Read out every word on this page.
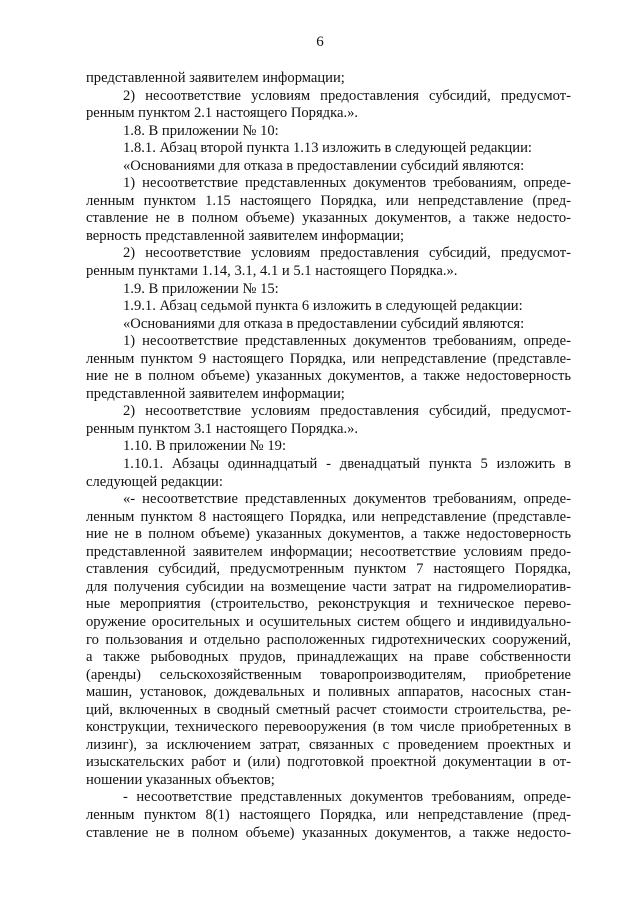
6
представленной заявителем информации;
2) несоответствие условиям предоставления субсидий, предусмот-
ренным пунктом 2.1 настоящего Порядка.».
1.8. В приложении № 10:
1.8.1. Абзац второй пункта 1.13 изложить в следующей редакции:
«Основаниями для отказа в предоставлении субсидий являются:
1) несоответствие представленных документов требованиям, опреде-
ленным пунктом 1.15 настоящего Порядка, или непредставление (пред-
ставление не в полном объеме) указанных документов, а также недосто-
верность представленной заявителем информации;
2) несоответствие условиям предоставления субсидий, предусмот-
ренным пунктами 1.14, 3.1, 4.1 и 5.1 настоящего Порядка.».
1.9. В приложении № 15:
1.9.1. Абзац седьмой пункта 6 изложить в следующей редакции:
«Основаниями для отказа в предоставлении субсидий являются:
1) несоответствие представленных документов требованиям, опреде-
ленным пунктом 9 настоящего Порядка, или непредставление (представле-
ние не в полном объеме) указанных документов, а также недостоверность
представленной заявителем информации;
2) несоответствие условиям предоставления субсидий, предусмот-
ренным пунктом 3.1 настоящего Порядка.».
1.10. В приложении № 19:
1.10.1. Абзацы одиннадцатый - двенадцатый пункта 5 изложить в
следующей редакции:
«- несоответствие представленных документов требованиям, опреде-
ленным пунктом 8 настоящего Порядка, или непредставление (представле-
ние не в полном объеме) указанных документов, а также недостоверность
представленной заявителем информации; несоответствие условиям предо-
ставления субсидий, предусмотренным пунктом 7 настоящего Порядка,
для получения субсидии на возмещение части затрат на гидромелиоратив-
ные мероприятия (строительство, реконструкция и техническое перево-
оружение оросительных и осушительных систем общего и индивидуально-
го пользования и отдельно расположенных гидротехнических сооружений,
а также рыбоводных прудов, принадлежащих на праве собственности
(аренды) сельскохозяйственным товаропроизводителям, приобретение
машин, установок, дождевальных и поливных аппаратов, насосных стан-
ций, включенных в сводный сметный расчет стоимости строительства, ре-
конструкции, технического перевооружения (в том числе приобретенных в
лизинг), за исключением затрат, связанных с проведением проектных и
изыскательских работ и (или) подготовкой проектной документации в от-
ношении указанных объектов;
- несоответствие представленных документов требованиям, опреде-
ленным пунктом 8(1) настоящего Порядка, или непредставление (пред-
ставление не в полном объеме) указанных документов, а также недосто-
